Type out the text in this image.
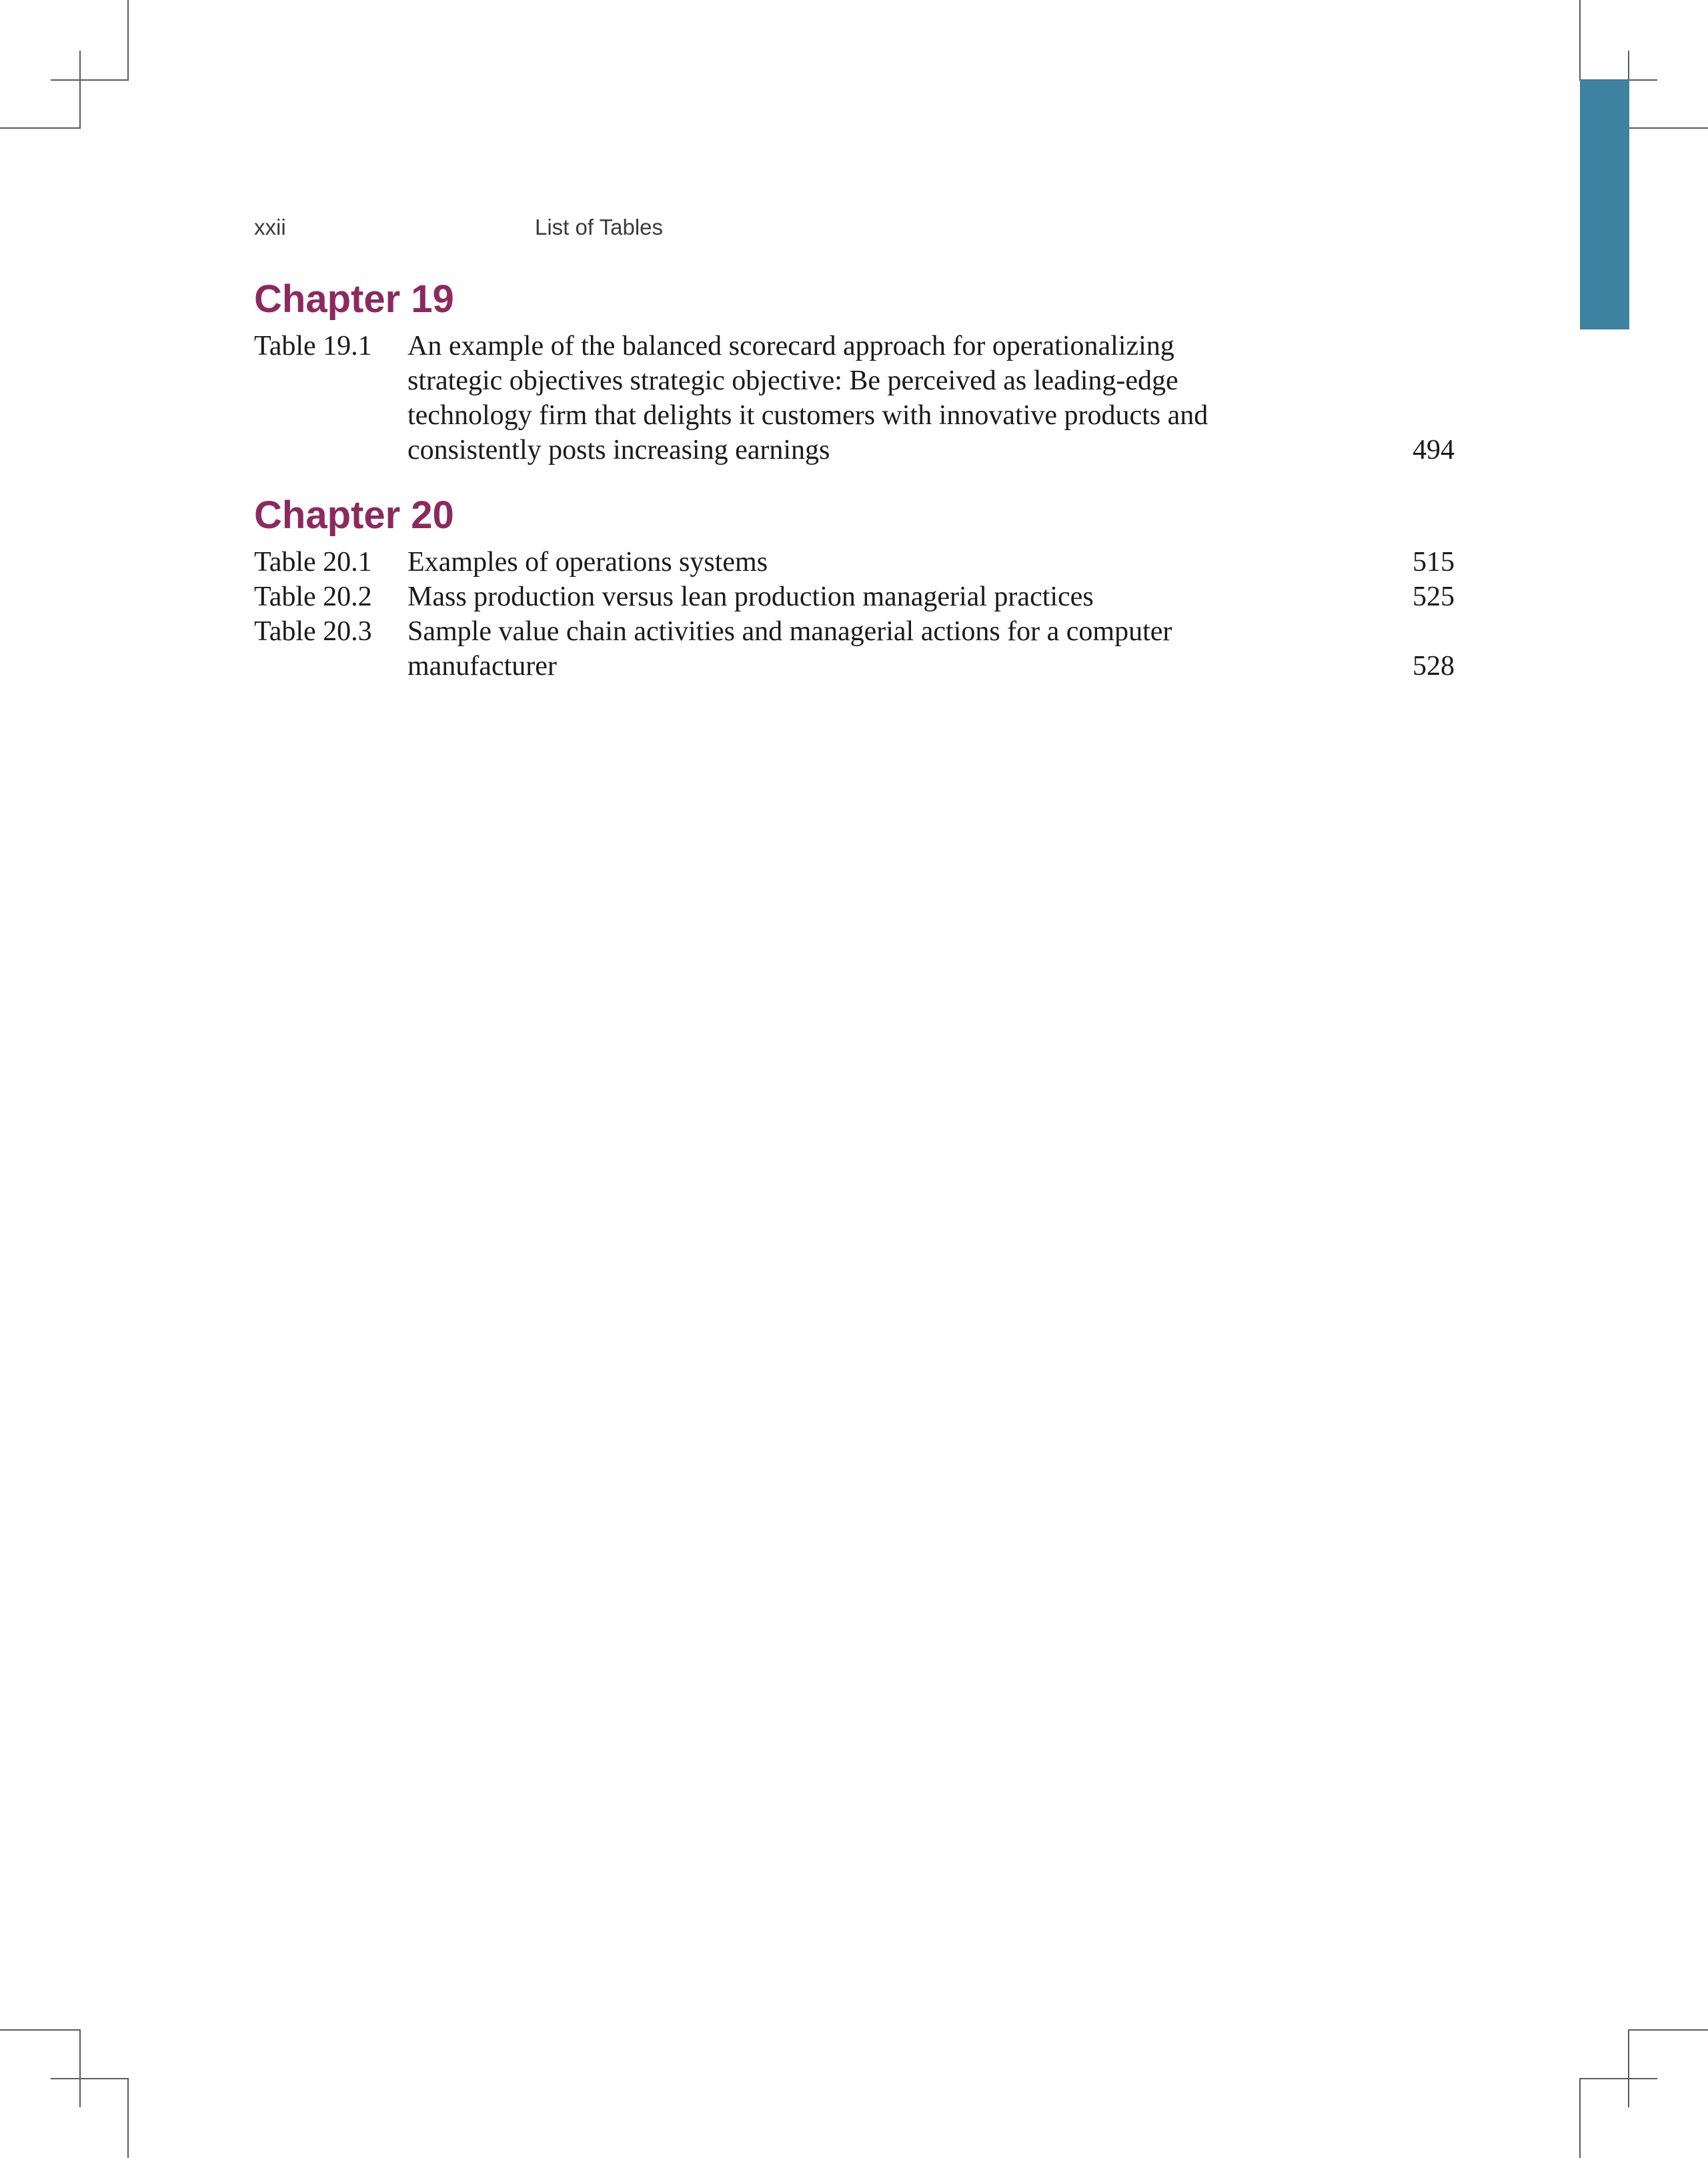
xxii	List of Tables
Chapter 19
Table 19.1	An example of the balanced scorecard approach for operationalizing
strategic objectives strategic objective: Be perceived as leading-edge
technology firm that delights it customers with innovative products and
consistently posts increasing earnings	494
Chapter 20
Table 20.1	Examples of operations systems	515
Table 20.2	Mass production versus lean production managerial practices	525
Table 20.3	Sample value chain activities and managerial actions for a computer
manufacturer	528
